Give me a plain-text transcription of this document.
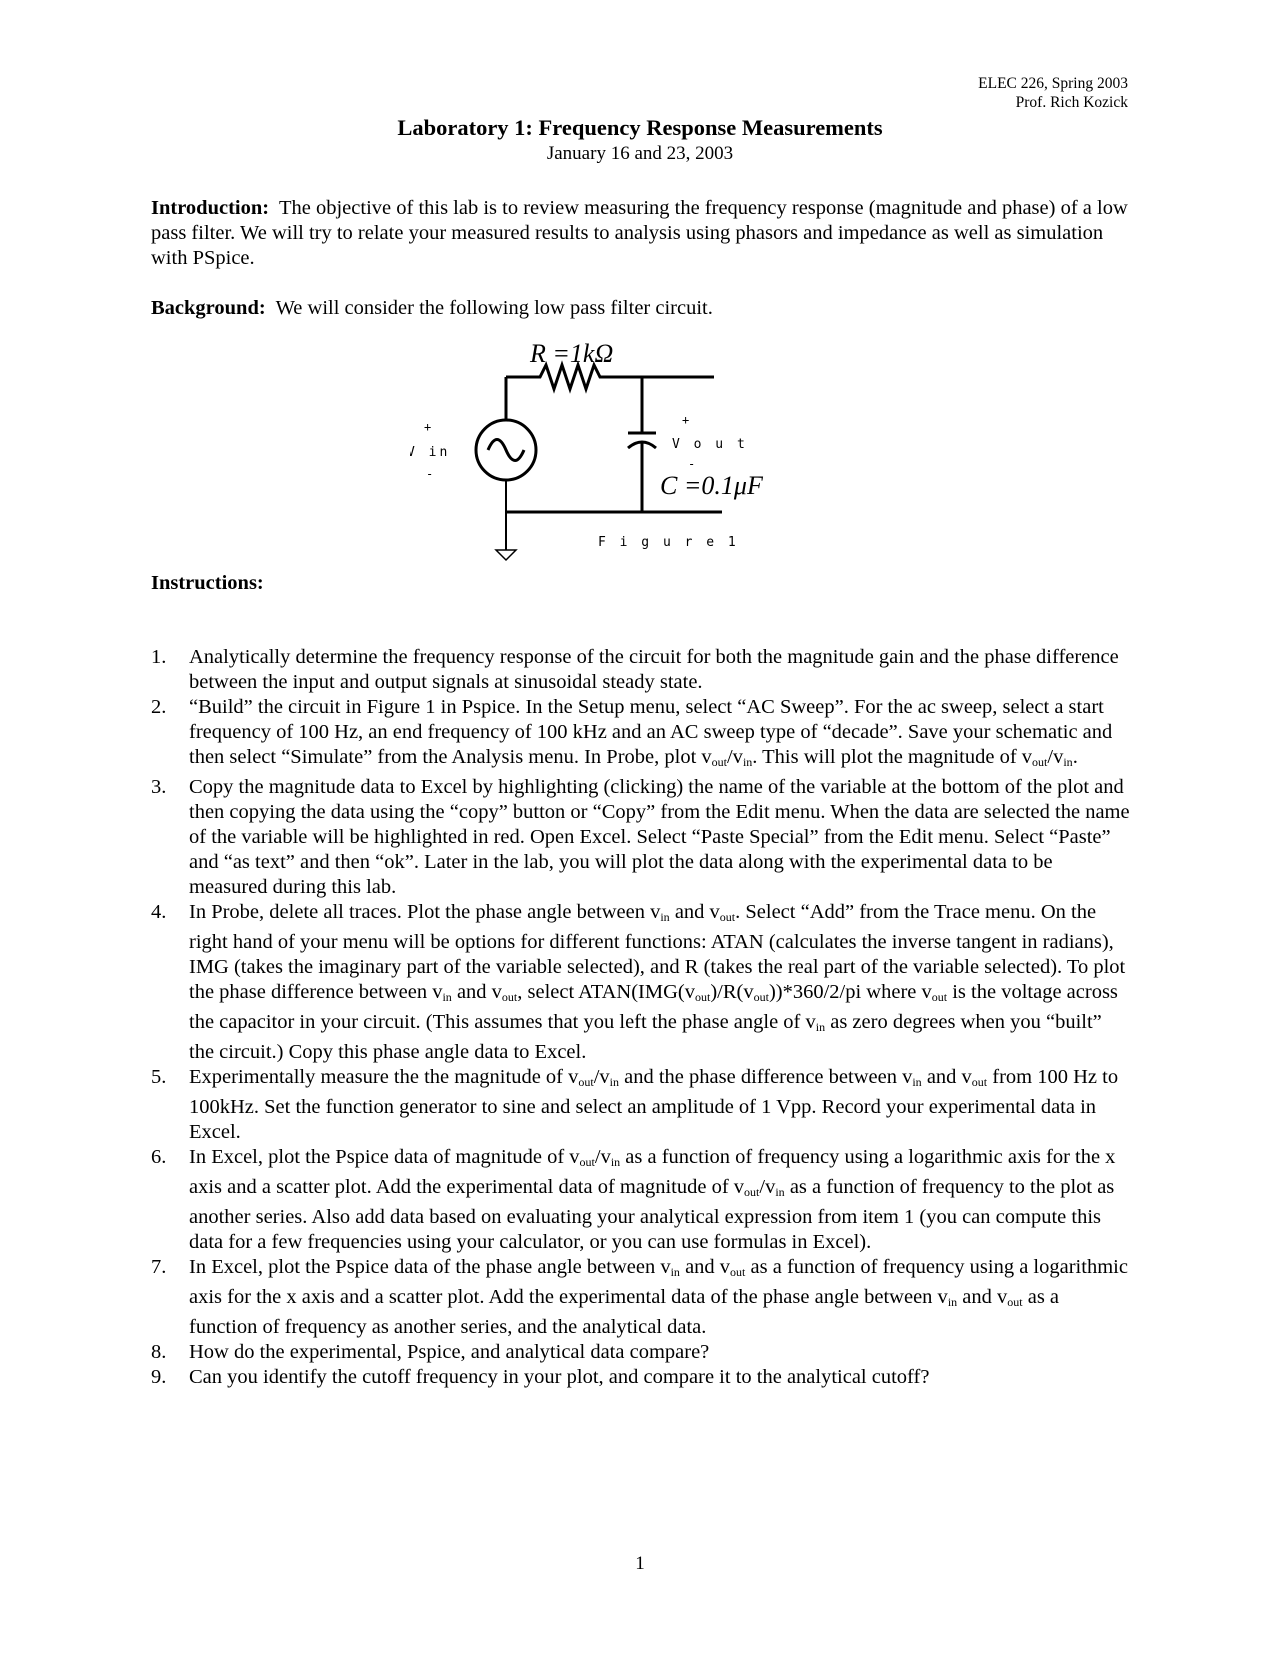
ELEC 226, Spring 2003
Prof. Rich Kozick
Laboratory 1: Frequency Response Measurements
January 16 and 23, 2003
Introduction: The objective of this lab is to review measuring the frequency response (magnitude and phase) of a low pass filter. We will try to relate your measured results to analysis using phasors and impedance as well as simulation with PSpice.
Background: We will consider the following low pass filter circuit.
R =1kΩ
+
V in
-
+
V o u t
-
C =0.1μF
F i g u r e 1
Instructions:
1. Analytically determine the frequency response of the circuit for both the magnitude gain and the phase difference between the input and output signals at sinusoidal steady state.
2. “Build” the circuit in Figure 1 in Pspice. In the Setup menu, select “AC Sweep”. For the ac sweep, select a start frequency of 100 Hz, an end frequency of 100 kHz and an AC sweep type of “decade”. Save your schematic and then select “Simulate” from the Analysis menu. In Probe, plot $v_{out}/v_{in}$. This will plot the magnitude of $v_{out}/v_{in}$.
3. Copy the magnitude data to Excel by highlighting (clicking) the name of the variable at the bottom of the plot and then copying the data using the “copy” button or “Copy” from the Edit menu. When the data are selected the name of the variable will be highlighted in red. Open Excel. Select “Paste Special” from the Edit menu. Select “Paste” and “as text” and then “ok”. Later in the lab, you will plot the data along with the experimental data to be measured during this lab.
4. In Probe, delete all traces. Plot the phase angle between $v_{in}$ and $v_{out}$. Select “Add” from the Trace menu. On the right hand of your menu will be options for different functions: ATAN (calculates the inverse tangent in radians), IMG (takes the imaginary part of the variable selected), and R (takes the real part of the variable selected). To plot the phase difference between $v_{in}$ and $v_{out}$, select $ATAN(IMG(v_{out})/R(v_{out}))*360/2/pi$ where $v_{out}$ is the voltage across the capacitor in your circuit. (This assumes that you left the phase angle of $v_{in}$ as zero degrees when you “built” the circuit.) Copy this phase angle data to Excel.
5. Experimentally measure the the magnitude of $v_{out}/v_{in}$ and the phase difference between $v_{in}$ and $v_{out}$ from 100 Hz to 100kHz. Set the function generator to sine and select an amplitude of 1 Vpp. Record your experimental data in Excel.
6. In Excel, plot the Pspice data of magnitude of $v_{out}/v_{in}$ as a function of frequency using a logarithmic axis for the x axis and a scatter plot. Add the experimental data of magnitude of $v_{out}/v_{in}$ as a function of frequency to the plot as another series. Also add data based on evaluating your analytical expression from item 1 (you can compute this data for a few frequencies using your calculator, or you can use formulas in Excel).
7. In Excel, plot the Pspice data of the phase angle between $v_{in}$ and $v_{out}$ as a function of frequency using a logarithmic axis for the x axis and a scatter plot. Add the experimental data of the phase angle between $v_{in}$ and $v_{out}$ as a function of frequency as another series, and the analytical data.
8. How do the experimental, Pspice, and analytical data compare?
9. Can you identify the cutoff frequency in your plot, and compare it to the analytical cutoff?
1
